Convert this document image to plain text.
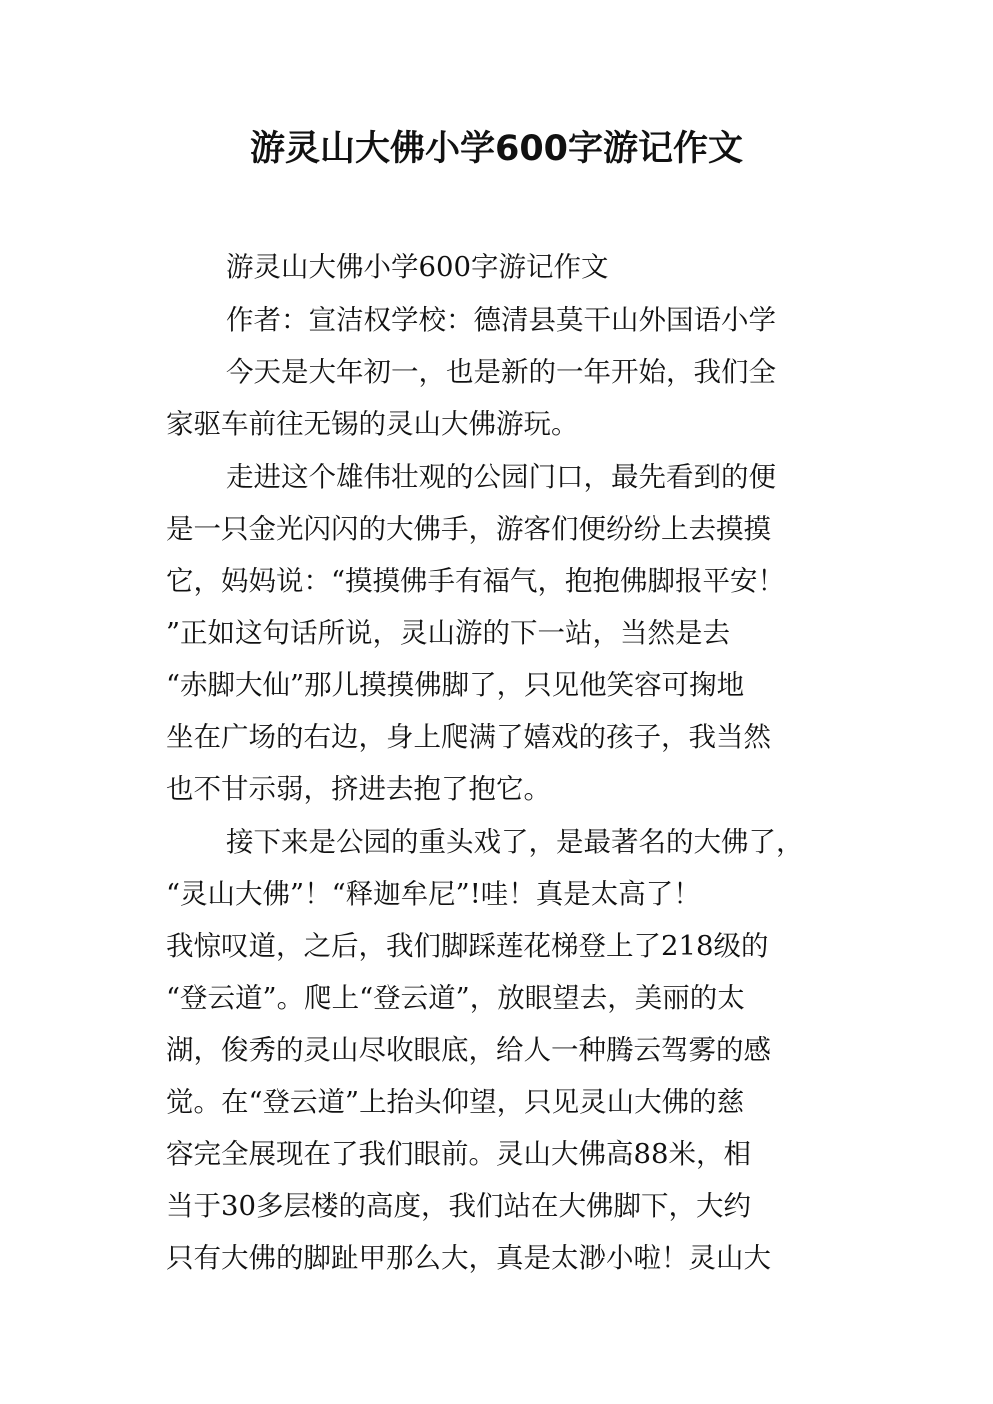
游灵山大佛小学600字游记作文

游灵山大佛小学600字游记作文

作者：宣洁权学校：德清县莫干山外国语小学

今天是大年初一，也是新的一年开始，我们全

家驱车前往无锡的灵山大佛游玩。

走进这个雄伟壮观的公园门口，最先看到的便

是一只金光闪闪的大佛手，游客们便纷纷上去摸摸

它，妈妈说：“摸摸佛手有福气，抱抱佛脚报平安！

”正如这句话所说，灵山游的下一站，当然是去

“赤脚大仙”那儿摸摸佛脚了，只见他笑容可掬地

坐在广场的右边，身上爬满了嬉戏的孩子，我当然

也不甘示弱，挤进去抱了抱它。

接下来是公园的重头戏了，是最著名的大佛了，

“灵山大佛”！“释迦牟尼”!哇！真是太高了！

我惊叹道，之后，我们脚踩莲花梯登上了218级的

“登云道”。爬上“登云道”，放眼望去，美丽的太

湖，俊秀的灵山尽收眼底，给人一种腾云驾雾的感

觉。在“登云道”上抬头仰望，只见灵山大佛的慈

容完全展现在了我们眼前。灵山大佛高88米，相

当于30多层楼的高度，我们站在大佛脚下，大约

只有大佛的脚趾甲那么大，真是太渺小啦！灵山大
